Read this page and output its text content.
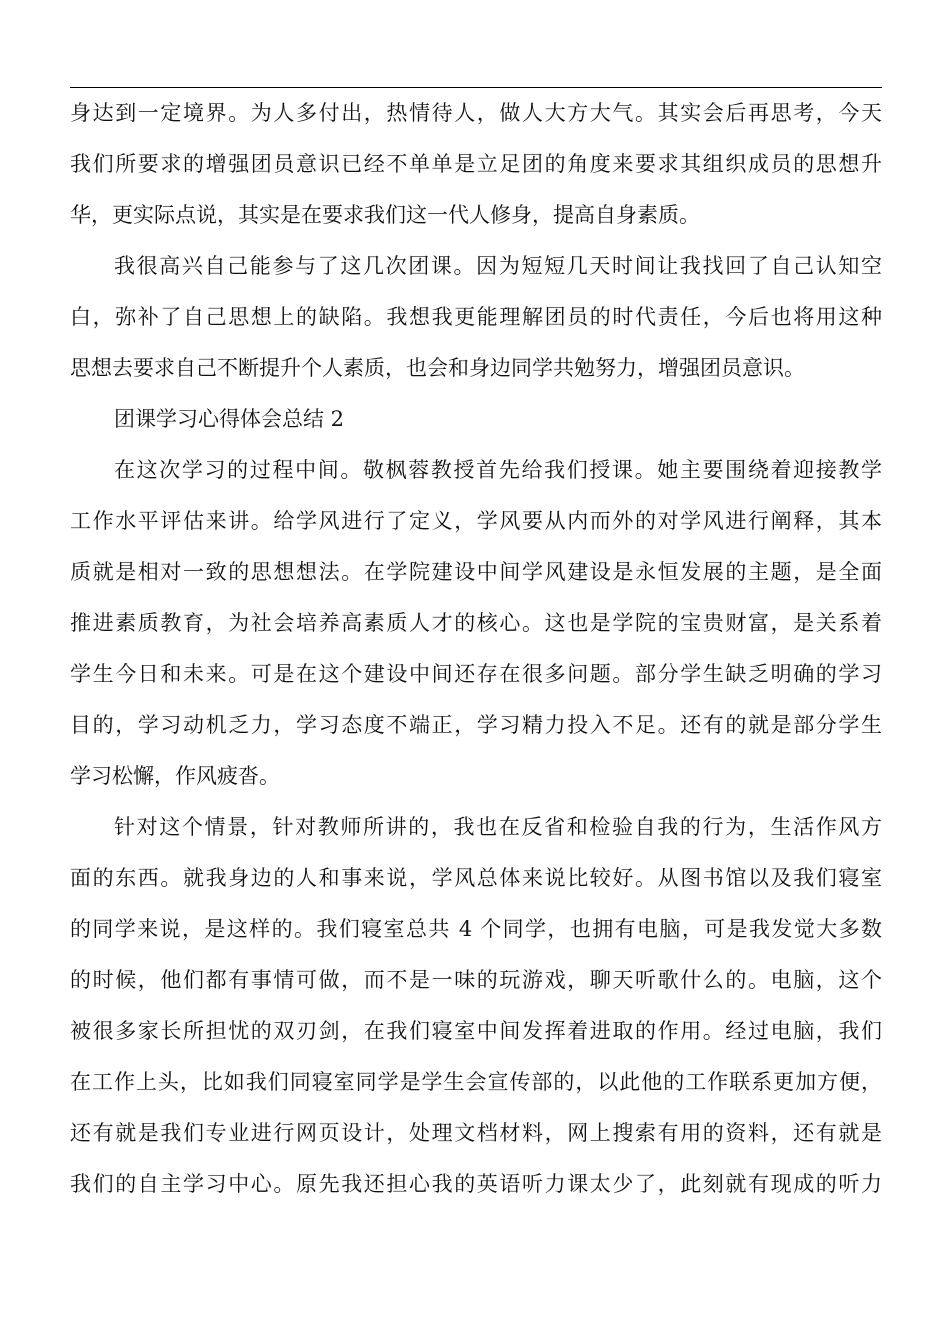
身达到一定境界。为人多付出，热情待人，做人大方大气。其实会后再思考，今天
我们所要求的增强团员意识已经不单单是立足团的角度来要求其组织成员的思想升
华，更实际点说，其实是在要求我们这一代人修身，提高自身素质。
我很高兴自己能参与了这几次团课。因为短短几天时间让我找回了自己认知空
白，弥补了自己思想上的缺陷。我想我更能理解团员的时代责任，今后也将用这种
思想去要求自己不断提升个人素质，也会和身边同学共勉努力，增强团员意识。
团课学习心得体会总结 2
在这次学习的过程中间。敬枫蓉教授首先给我们授课。她主要围绕着迎接教学
工作水平评估来讲。给学风进行了定义，学风要从内而外的对学风进行阐释，其本
质就是相对一致的思想想法。在学院建设中间学风建设是永恒发展的主题，是全面
推进素质教育，为社会培养高素质人才的核心。这也是学院的宝贵财富，是关系着
学生今日和未来。可是在这个建设中间还存在很多问题。部分学生缺乏明确的学习
目的，学习动机乏力，学习态度不端正，学习精力投入不足。还有的就是部分学生
学习松懈，作风疲沓。
针对这个情景，针对教师所讲的，我也在反省和检验自我的行为，生活作风方
面的东西。就我身边的人和事来说，学风总体来说比较好。从图书馆以及我们寝室
的同学来说，是这样的。我们寝室总共 4 个同学，也拥有电脑，可是我发觉大多数
的时候，他们都有事情可做，而不是一味的玩游戏，聊天听歌什么的。电脑，这个
被很多家长所担忧的双刃剑，在我们寝室中间发挥着进取的作用。经过电脑，我们
在工作上头，比如我们同寝室同学是学生会宣传部的，以此他的工作联系更加方便，
还有就是我们专业进行网页设计，处理文档材料，网上搜索有用的资料，还有就是
我们的自主学习中心。原先我还担心我的英语听力课太少了，此刻就有现成的听力
